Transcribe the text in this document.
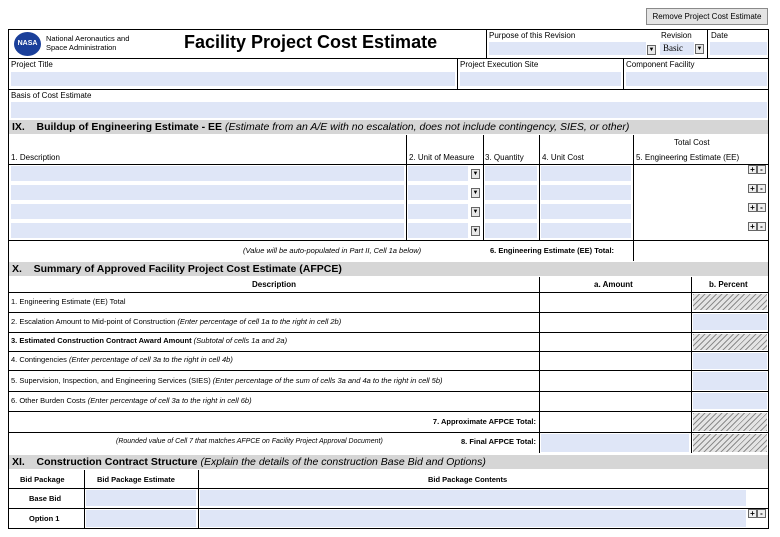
Remove Project Cost Estimate
NASA
National Aeronautics and
Space Administration	Facility Project Cost Estimate	Purpose of this Revision
▼
Revision
Basic	▼
Date
Project Title	Project Execution Site	Component Facility
Basis of Cost Estimate
IX. Buildup of Engineering Estimate - EE (Estimate from an A/E with no escalation, does not include contingency, SIES, or other)
1. Description	2. Unit of Measure 3. Quantity 4. Unit Cost
Total Cost
5. Engineering Estimate (EE)
▼	+ -
▼	+ -
▼	+ -
▼	+ -
(Value will be auto-populated in Part II, Cell 1a below)	6. Engineering Estimate (EE) Total:
X. Summary of Approved Facility Project Cost Estimate (AFPCE)
Description	a. Amount	b. Percent
1. Engineering Estimate (EE) Total
2. Escalation Amount to Mid-point of Construction (Enter percentage of cell 1a to the right in cell 2b)
3. Estimated Construction Contract Award Amount (Subtotal of cells 1a and 2a)
4. Contingencies (Enter percentage of cell 3a to the right in cell 4b)
5. Supervision, Inspection, and Engineering Services (SIES) (Enter percentage of the sum of cells 3a and 4a to the right in cell 5b)
6. Other Burden Costs (Enter percentage of cell 3a to the right in cell 6b)
7. Approximate AFPCE Total:
(Rounded value of Cell 7 that matches AFPCE on Facility Project Approval Document)	8. Final AFPCE Total:
XI. Construction Contract Structure (Explain the details of the construction Base Bid and Options)
Bid Package	Bid Package Estimate	Bid Package Contents
Base Bid
Option 1
+ -
